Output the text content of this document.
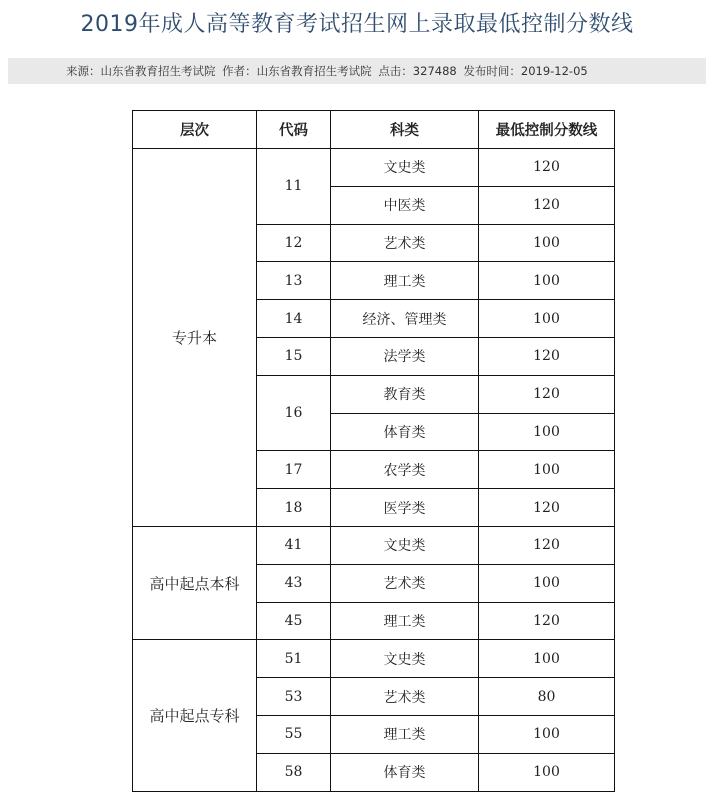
2019年成人高等教育考试招生网上录取最低控制分数线
来源：山东省教育招生考试院 作者：山东省教育招生考试院 点击：327488 发布时间：2019-12-05
层次	代码	科类	最低控制分数线
专升本	11	文史类	120
		中医类	120
	12	艺术类	100
	13	理工类	100
	14	经济、管理类	100
	15	法学类	120
	16	教育类	120
		体育类	100
	17	农学类	100
	18	医学类	120
高中起点本科	41	文史类	120
	43	艺术类	100
	45	理工类	120
高中起点专科	51	文史类	100
	53	艺术类	80
	55	理工类	100
	58	体育类	100
